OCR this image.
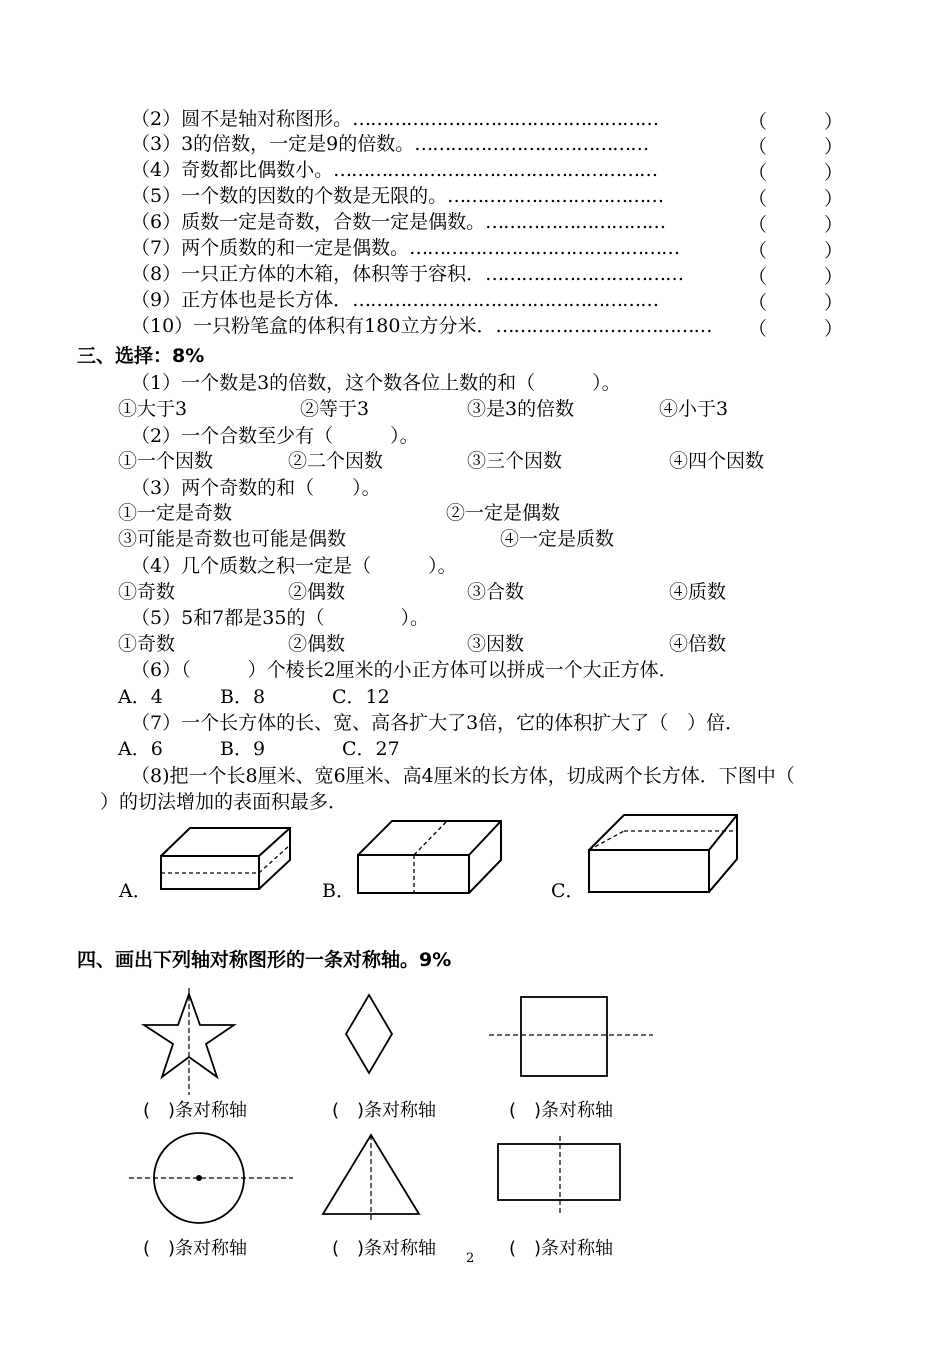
（2）圆不是轴对称图形。……………………………………………	（　　　）
（3）3的倍数，一定是9的倍数。…………………………………	（　　　）
（4）奇数都比偶数小。………………………………………………	（　　　）
（5）一个数的因数的个数是无限的。………………………………	（　　　）
（6）质数一定是奇数，合数一定是偶数。…………………………	（　　　）
（7）两个质数的和一定是偶数。………………………………………	（　　　）
（8）一只正方体的木箱，体积等于容积．……………………………	（　　　）
（9）正方体也是长方体．……………………………………………	（　　　）
（10）一只粉笔盒的体积有180立方分米．……………………………… （　　　）
三、选择：8%
（1）一个数是3的倍数，这个数各位上数的和（　　　）。
①大于3	②等于3	③是3的倍数	④小于3
（2）一个合数至少有（　　　）。
①一个因数	②二个因数	③三个因数	④四个因数
（3）两个奇数的和（　　）。
①一定是奇数	②一定是偶数
③可能是奇数也可能是偶数	④一定是质数
（4）几个质数之积一定是（　　　）。
①奇数	②偶数	③合数	④质数
（5）5和7都是35的（　　　　）。
①奇数	②偶数	③因数	④倍数
（6）（　　　）个棱长2厘米的小正方体可以拼成一个大正方体．
A．4	B．8	C．12
（7）一个长方体的长、宽、高各扩大了3倍，它的体积扩大了（　）倍．
A．6	B．9	C．27
（8)把一个长8厘米、宽6厘米、高4厘米的长方体，切成两个长方体．下图中（
）的切法增加的表面积最多．
A．	B．	C．
四、画出下列轴对称图形的一条对称轴。9%
(　)条对称轴	(　)条对称轴	(　)条对称轴
(　)条对称轴	(　)条对称轴	(　)条对称轴
2
